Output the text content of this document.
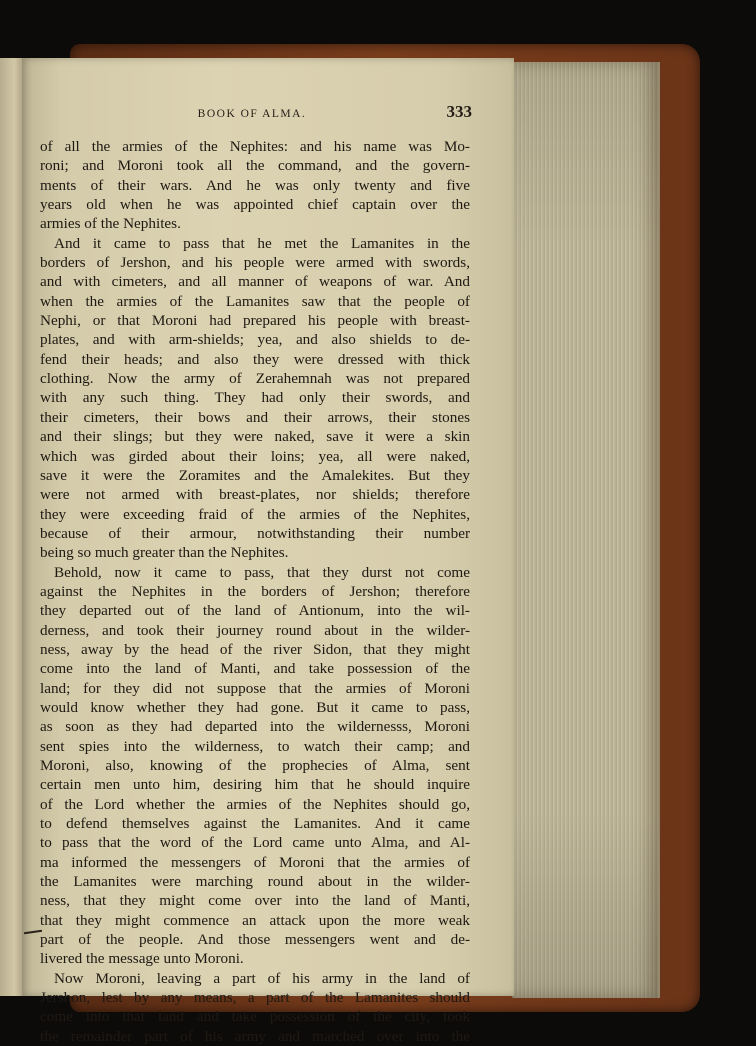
BOOK OF ALMA.	333
of all the armies of the Nephites: and his name was Mo-
roni; and Moroni took all the command, and the govern-
ments of their wars. And he was only twenty and five
years old when he was appointed chief captain over the
armies of the Nephites.
And it came to pass that he met the Lamanites in the
borders of Jershon, and his people were armed with swords,
and with cimeters, and all manner of weapons of war. And
when the armies of the Lamanites saw that the people of
Nephi, or that Moroni had prepared his people with breast-
plates, and with arm-shields; yea, and also shields to de-
fend their heads; and also they were dressed with thick
clothing. Now the army of Zerahemnah was not prepared
with any such thing. They had only their swords, and
their cimeters, their bows and their arrows, their stones
and their slings; but they were naked, save it were a skin
which was girded about their loins; yea, all were naked,
save it were the Zoramites and the Amalekites. But they
were not armed with breast-plates, nor shields; therefore
they were exceeding fraid of the armies of the Nephites,
because of their armour, notwithstanding their number
being so much greater than the Nephites.
Behold, now it came to pass, that they durst not come
against the Nephites in the borders of Jershon; therefore
they departed out of the land of Antionum, into the wil-
derness, and took their journey round about in the wilder-
ness, away by the head of the river Sidon, that they might
come into the land of Manti, and take possession of the
land; for they did not suppose that the armies of Moroni
would know whether they had gone. But it came to pass,
as soon as they had departed into the wildernesss, Moroni
sent spies into the wilderness, to watch their camp; and
Moroni, also, knowing of the prophecies of Alma, sent
certain men unto him, desiring him that he should inquire
of the Lord whether the armies of the Nephites should go,
to defend themselves against the Lamanites. And it came
to pass that the word of the Lord came unto Alma, and Al-
ma informed the messengers of Moroni that the armies of
the Lamanites were marching round about in the wilder-
ness, that they might come over into the land of Manti,
that they might commence an attack upon the more weak
part of the people. And those messengers went and de-
livered the message unto Moroni.
Now Moroni, leaving a part of his army in the land of
Jershon, lest by any means, a part of the Lamanites should
come into that land and take possession of the city, took
the remainder part of his army and marched over into the
